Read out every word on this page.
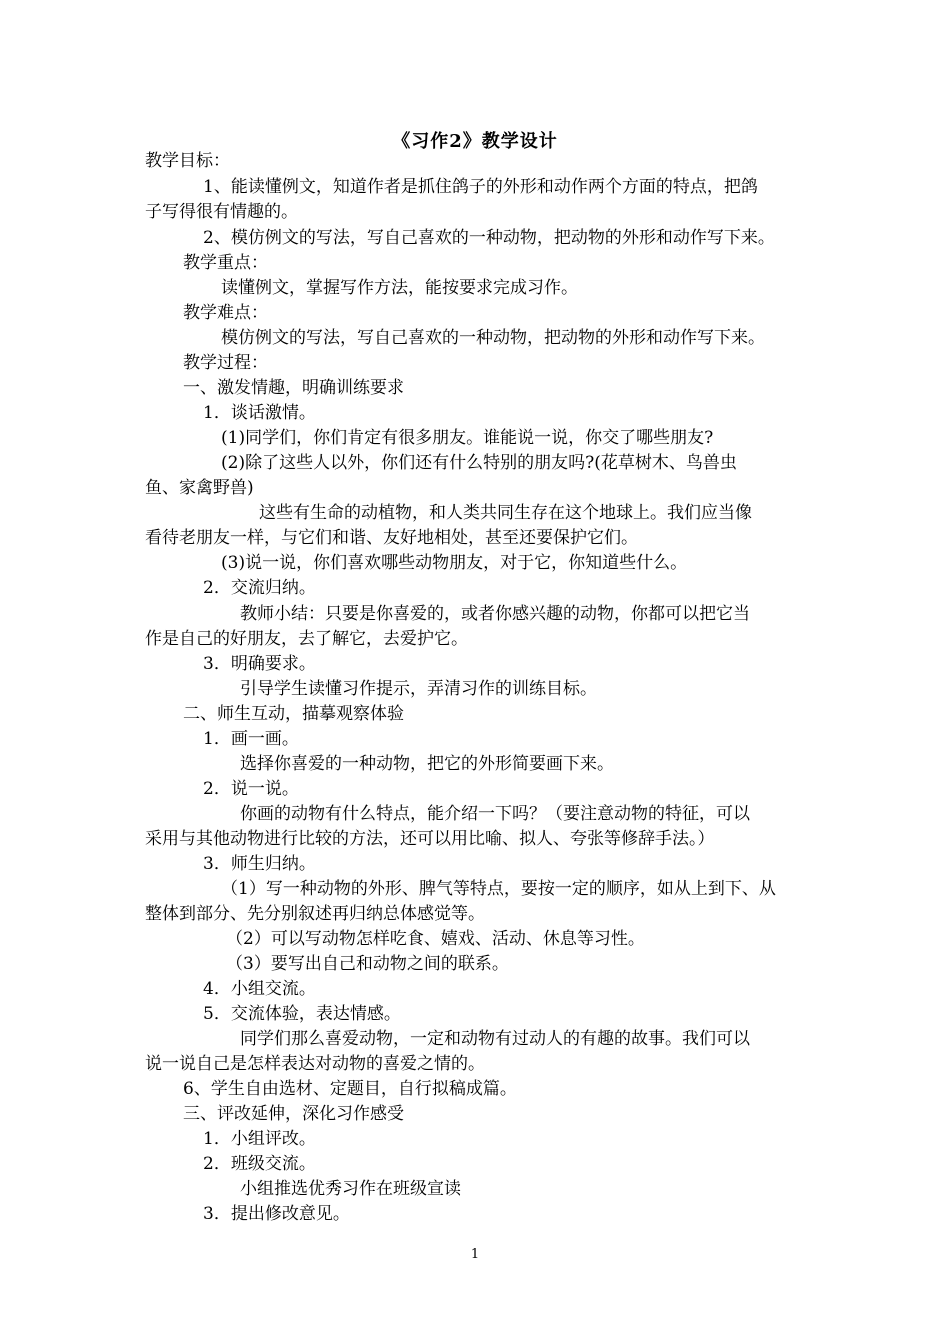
《习作2》教学设计
教学目标：
1、能读懂例文，知道作者是抓住鸽子的外形和动作两个方面的特点，把鸽
子写得很有情趣的。
2、模仿例文的写法，写自己喜欢的一种动物，把动物的外形和动作写下来。
教学重点：
读懂例文，掌握写作方法，能按要求完成习作。
教学难点：
模仿例文的写法，写自己喜欢的一种动物，把动物的外形和动作写下来。
教学过程：
一、激发情趣，明确训练要求
1．谈话激情。
(1)同学们，你们肯定有很多朋友。谁能说一说，你交了哪些朋友?
(2)除了这些人以外，你们还有什么特别的朋友吗?(花草树木、鸟兽虫
鱼、家禽野兽)
这些有生命的动植物，和人类共同生存在这个地球上。我们应当像
看待老朋友一样，与它们和谐、友好地相处，甚至还要保护它们。
(3)说一说，你们喜欢哪些动物朋友，对于它，你知道些什么。
2．交流归纳。
教师小结：只要是你喜爱的，或者你感兴趣的动物，你都可以把它当
作是自己的好朋友，去了解它，去爱护它。
3．明确要求。
引导学生读懂习作提示，弄清习作的训练目标。
二、师生互动，描摹观察体验
1．画一画。
选择你喜爱的一种动物，把它的外形简要画下来。
2．说一说。
你画的动物有什么特点，能介绍一下吗？（要注意动物的特征，可以
采用与其他动物进行比较的方法，还可以用比喻、拟人、夸张等修辞手法。）
3．师生归纳。
（1）写一种动物的外形、脾气等特点，要按一定的顺序，如从上到下、从
整体到部分、先分别叙述再归纳总体感觉等。
（2）可以写动物怎样吃食、嬉戏、活动、休息等习性。
（3）要写出自己和动物之间的联系。
4．小组交流。
5．交流体验，表达情感。
同学们那么喜爱动物，一定和动物有过动人的有趣的故事。我们可以
说一说自己是怎样表达对动物的喜爱之情的。
6、学生自由选材、定题目，自行拟稿成篇。
三、评改延伸，深化习作感受
1．小组评改。
2．班级交流。
小组推选优秀习作在班级宣读
3．提出修改意见。
1
